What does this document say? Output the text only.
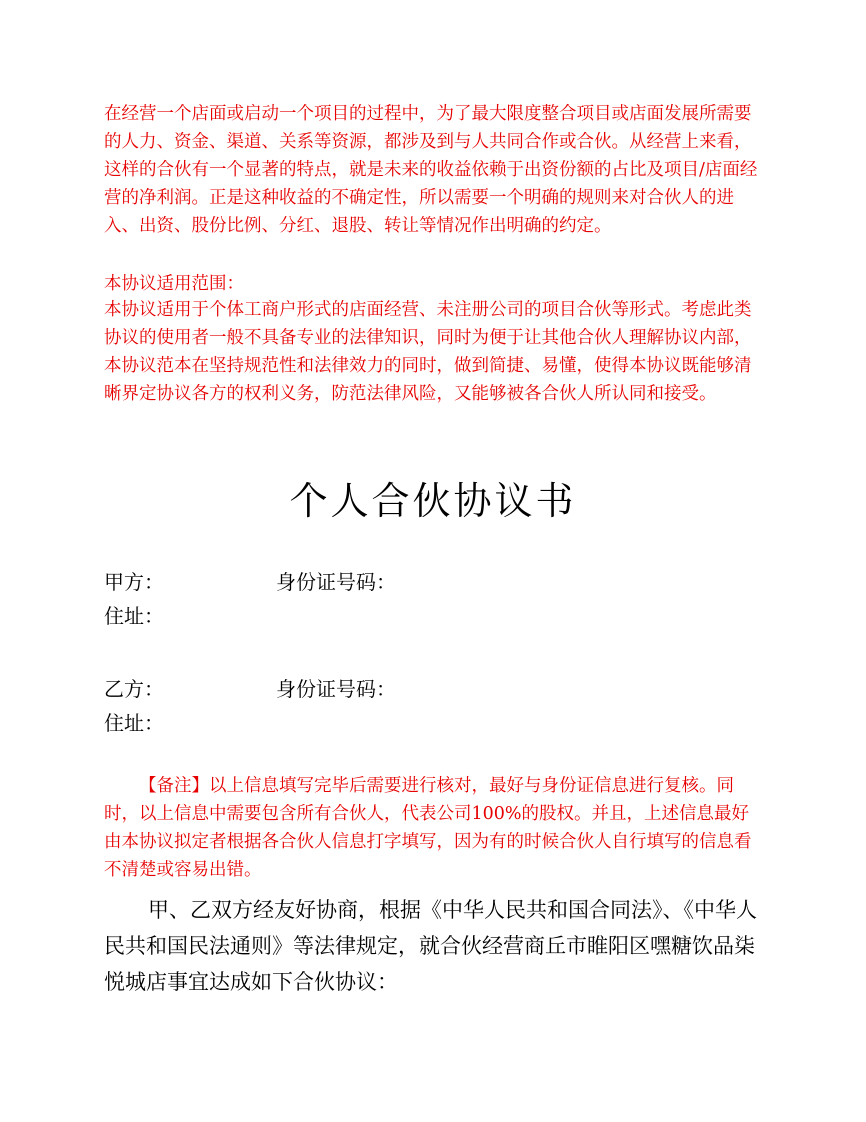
在经营一个店面或启动一个项目的过程中，为了最大限度整合项目或店面发展所需要的人力、资金、渠道、关系等资源，都涉及到与人共同合作或合伙。从经营上来看，这样的合伙有一个显著的特点，就是未来的收益依赖于出资份额的占比及项目/店面经营的净利润。正是这种收益的不确定性，所以需要一个明确的规则来对合伙人的进入、出资、股份比例、分红、退股、转让等情况作出明确的约定。

本协议适用范围：

本协议适用于个体工商户形式的店面经营、未注册公司的项目合伙等形式。考虑此类协议的使用者一般不具备专业的法律知识，同时为便于让其他合伙人理解协议内部，本协议范本在坚持规范性和法律效力的同时，做到简捷、易懂，使得本协议既能够清晰界定协议各方的权利义务，防范法律风险，又能够被各合伙人所认同和接受。

个人合伙协议书
甲方：	身份证号码：
住址：
乙方：	身份证号码：
住址：

【备注】以上信息填写完毕后需要进行核对，最好与身份证信息进行复核。同时，以上信息中需要包含所有合伙人，代表公司100%的股权。并且，上述信息最好由本协议拟定者根据各合伙人信息打字填写，因为有的时候合伙人自行填写的信息看不清楚或容易出错。

甲、乙双方经友好协商，根据《中华人民共和国合同法》、《中华人民共和国民法通则》等法律规定，就合伙经营商丘市睢阳区嘿糖饮品柒悦城店事宜达成如下合伙协议：
